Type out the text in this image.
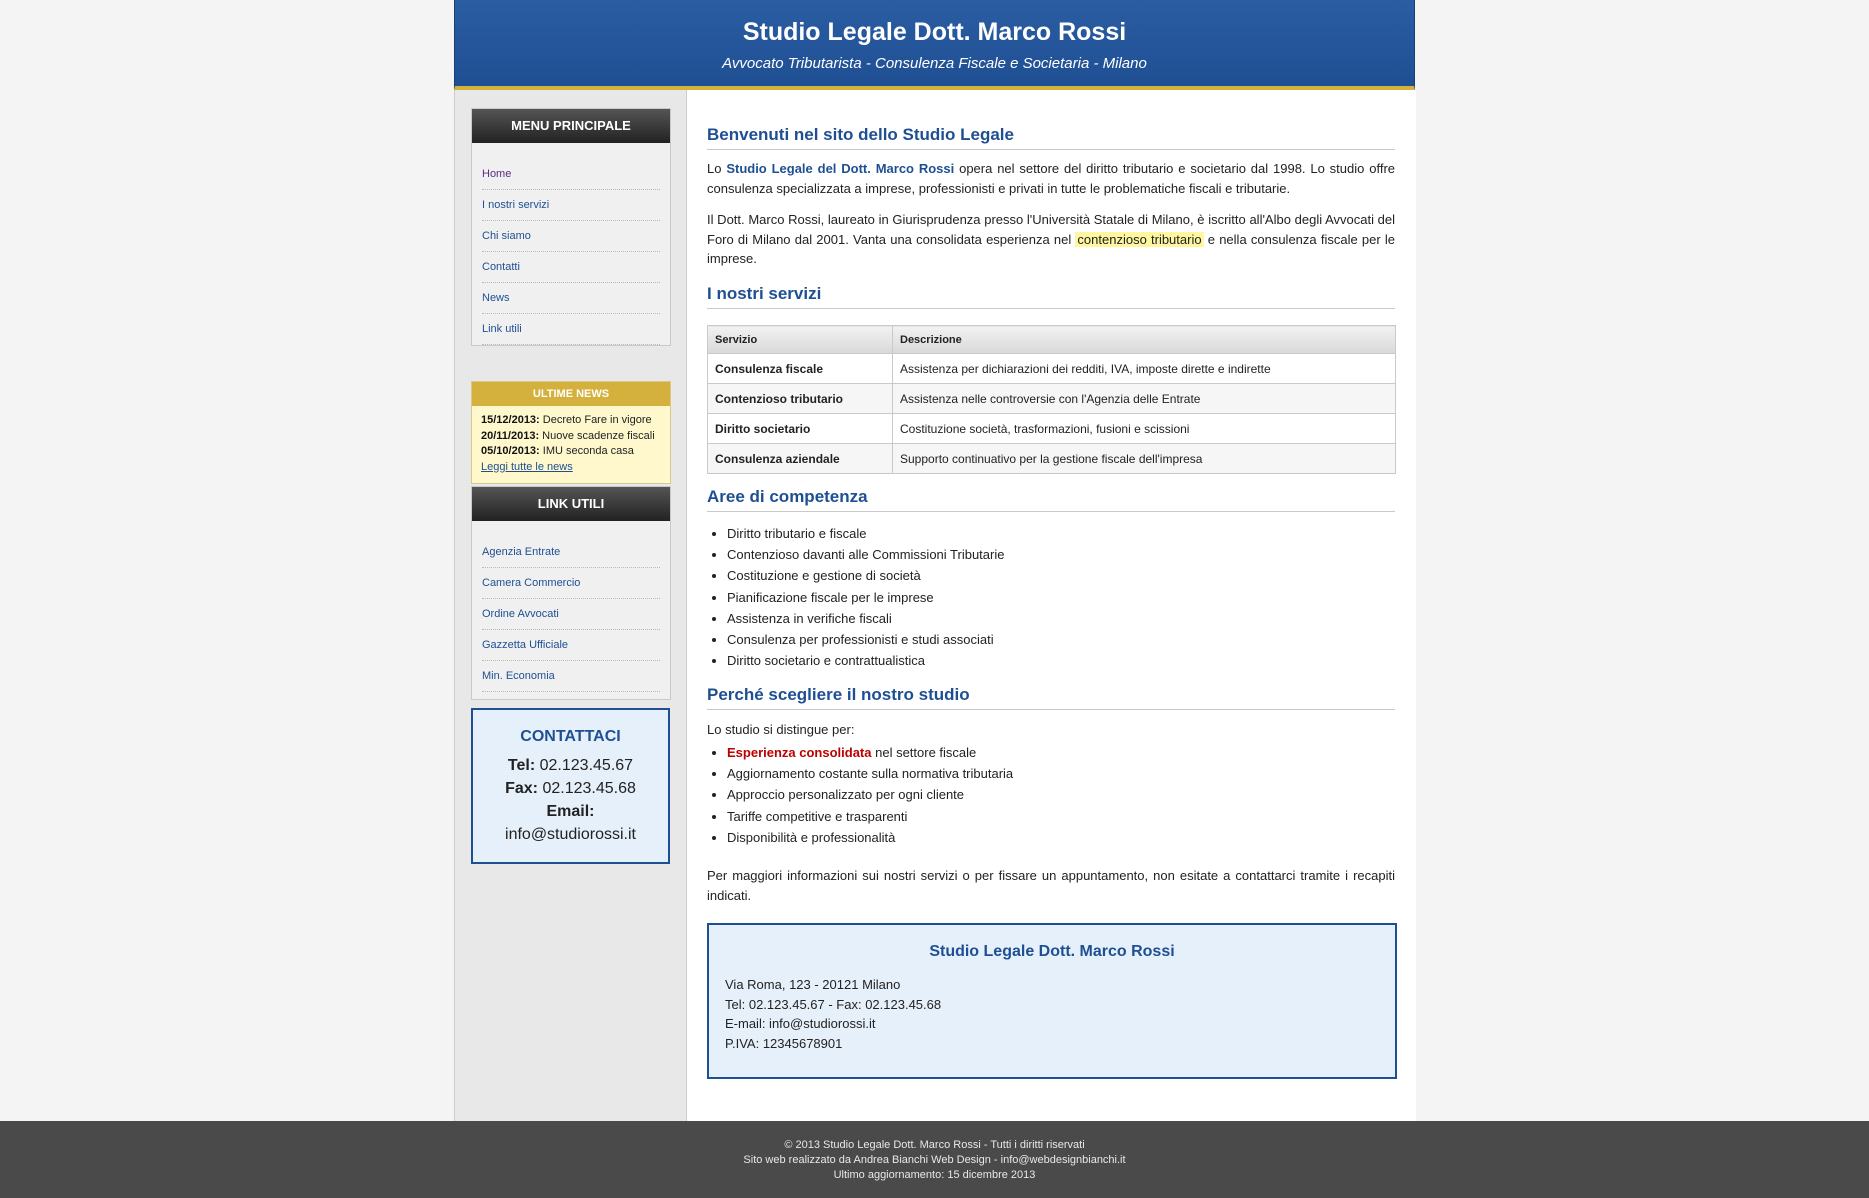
Studio Legale Dott. Marco Rossi
Avvocato Tributarista - Consulenza Fiscale e Societaria - Milano
MENU PRINCIPALE
Home
I nostri servizi
Chi siamo
Contatti
News
Link utili
ULTIME NEWS
15/12/2013: Decreto Fare in vigore
20/11/2013: Nuove scadenze fiscali
05/10/2013: IMU seconda casa
Leggi tutte le news
LINK UTILI
Agenzia Entrate
Camera Commercio
Ordine Avvocati
Gazzetta Ufficiale
Min. Economia
CONTATTACI
Tel: 02.123.45.67
Fax: 02.123.45.68
Email:
info@studiorossi.it
Benvenuti nel sito dello Studio Legale
Lo Studio Legale del Dott. Marco Rossi opera nel settore del diritto tributario e societario dal 1998. Lo studio offre consulenza specializzata a imprese, professionisti e privati in tutte le problematiche fiscali e tributarie.
Il Dott. Marco Rossi, laureato in Giurisprudenza presso l'Università Statale di Milano, è iscritto all'Albo degli Avvocati del Foro di Milano dal 2001. Vanta una consolidata esperienza nel contenzioso tributario e nella consulenza fiscale per le imprese.
I nostri servizi
Servizio	Descrizione
Consulenza fiscale	Assistenza per dichiarazioni dei redditi, IVA, imposte dirette e indirette
Contenzioso tributario	Assistenza nelle controversie con l'Agenzia delle Entrate
Diritto societario	Costituzione società, trasformazioni, fusioni e scissioni
Consulenza aziendale	Supporto continuativo per la gestione fiscale dell'impresa
Aree di competenza
• Diritto tributario e fiscale
• Contenzioso davanti alle Commissioni Tributarie
• Costituzione e gestione di società
• Pianificazione fiscale per le imprese
• Assistenza in verifiche fiscali
• Consulenza per professionisti e studi associati
• Diritto societario e contrattualistica
Perché scegliere il nostro studio
Lo studio si distingue per:
• Esperienza consolidata nel settore fiscale
• Aggiornamento costante sulla normativa tributaria
• Approccio personalizzato per ogni cliente
• Tariffe competitive e trasparenti
• Disponibilità e professionalità
Per maggiori informazioni sui nostri servizi o per fissare un appuntamento, non esitate a contattarci tramite i recapiti indicati.
Studio Legale Dott. Marco Rossi
Via Roma, 123 - 20121 Milano
Tel: 02.123.45.67 - Fax: 02.123.45.68
E-mail: info@studiorossi.it
P.IVA: 12345678901
© 2013 Studio Legale Dott. Marco Rossi - Tutti i diritti riservati
Sito web realizzato da Andrea Bianchi Web Design - info@webdesignbianchi.it
Ultimo aggiornamento: 15 dicembre 2013
